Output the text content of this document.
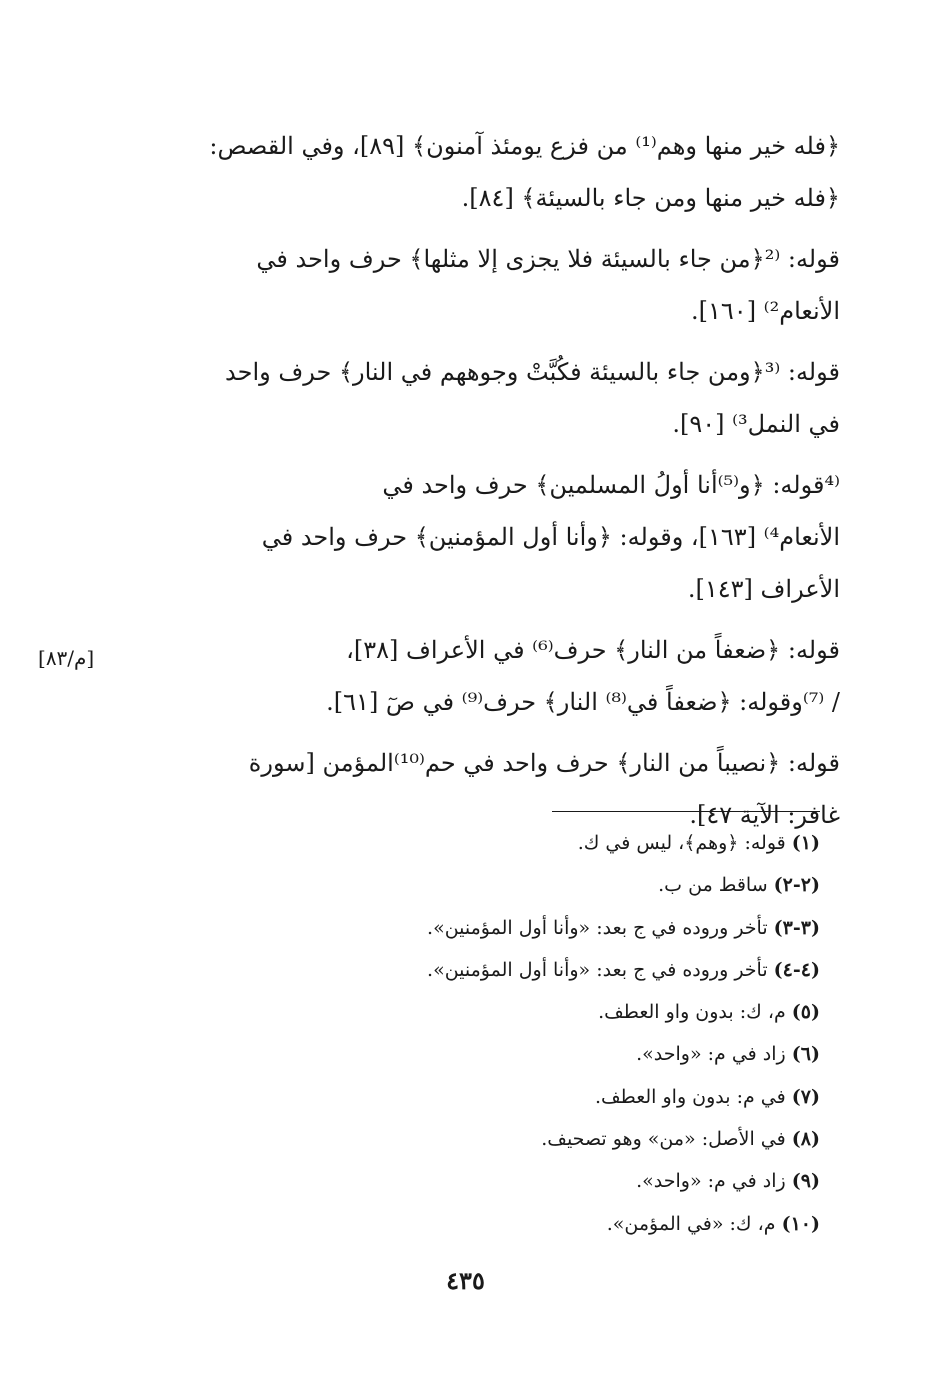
﴿فله خير منها وهم⁽¹⁾ من فزع يومئذ آمنون﴾ [٨٩]، وفي القصص:
﴿فله خير منها ومن جاء بالسيئة﴾ [٨٤].

قوله: ⁽²﴿من جاء بالسيئة فلا يجزى إلا مثلها﴾ حرف واحد في
الأنعام²⁾ [١٦٠].

قوله: ⁽³﴿ومن جاء بالسيئة فكُبَّتْ وجوههم في النار﴾ حرف واحد
في النمل³⁾ [٩٠].

⁽⁴قوله: ﴿و⁽⁵⁾أنا أولُ المسلمين﴾ حرف واحد في
الأنعام⁴⁾ [١٦٣]، وقوله: ﴿وأنا أول المؤمنين﴾ حرف واحد في
الأعراف [١٤٣].

قوله: ﴿ضعفاً من النار﴾ حرف⁽⁶⁾ في الأعراف [٣٨]،
/ ⁽⁷⁾وقوله: ﴿ضعفاً في⁽⁸⁾ النار﴾ حرف⁽⁹⁾ في صٓ [٦١].

قوله: ﴿نصيباً من النار﴾ حرف واحد في حم⁽¹⁰⁾المؤمن [سورة
غافر: الآية ٤٧].

[م/٨٣]
(١) قوله: ﴿وهم﴾، ليس في ك.
(٢-٢) ساقط من ب.
(٣-٣) تأخر وروده في ج بعد: «وأنا أول المؤمنين».
(٤-٤) تأخر وروده في ج بعد: «وأنا أول المؤمنين».
(٥) م، ك: بدون واو العطف.
(٦) زاد في م: «واحد».
(٧) في م: بدون واو العطف.
(٨) في الأصل: «من» وهو تصحيف.
(٩) زاد في م: «واحد».
(١٠) م، ك: «في المؤمن».
٤٣٥
